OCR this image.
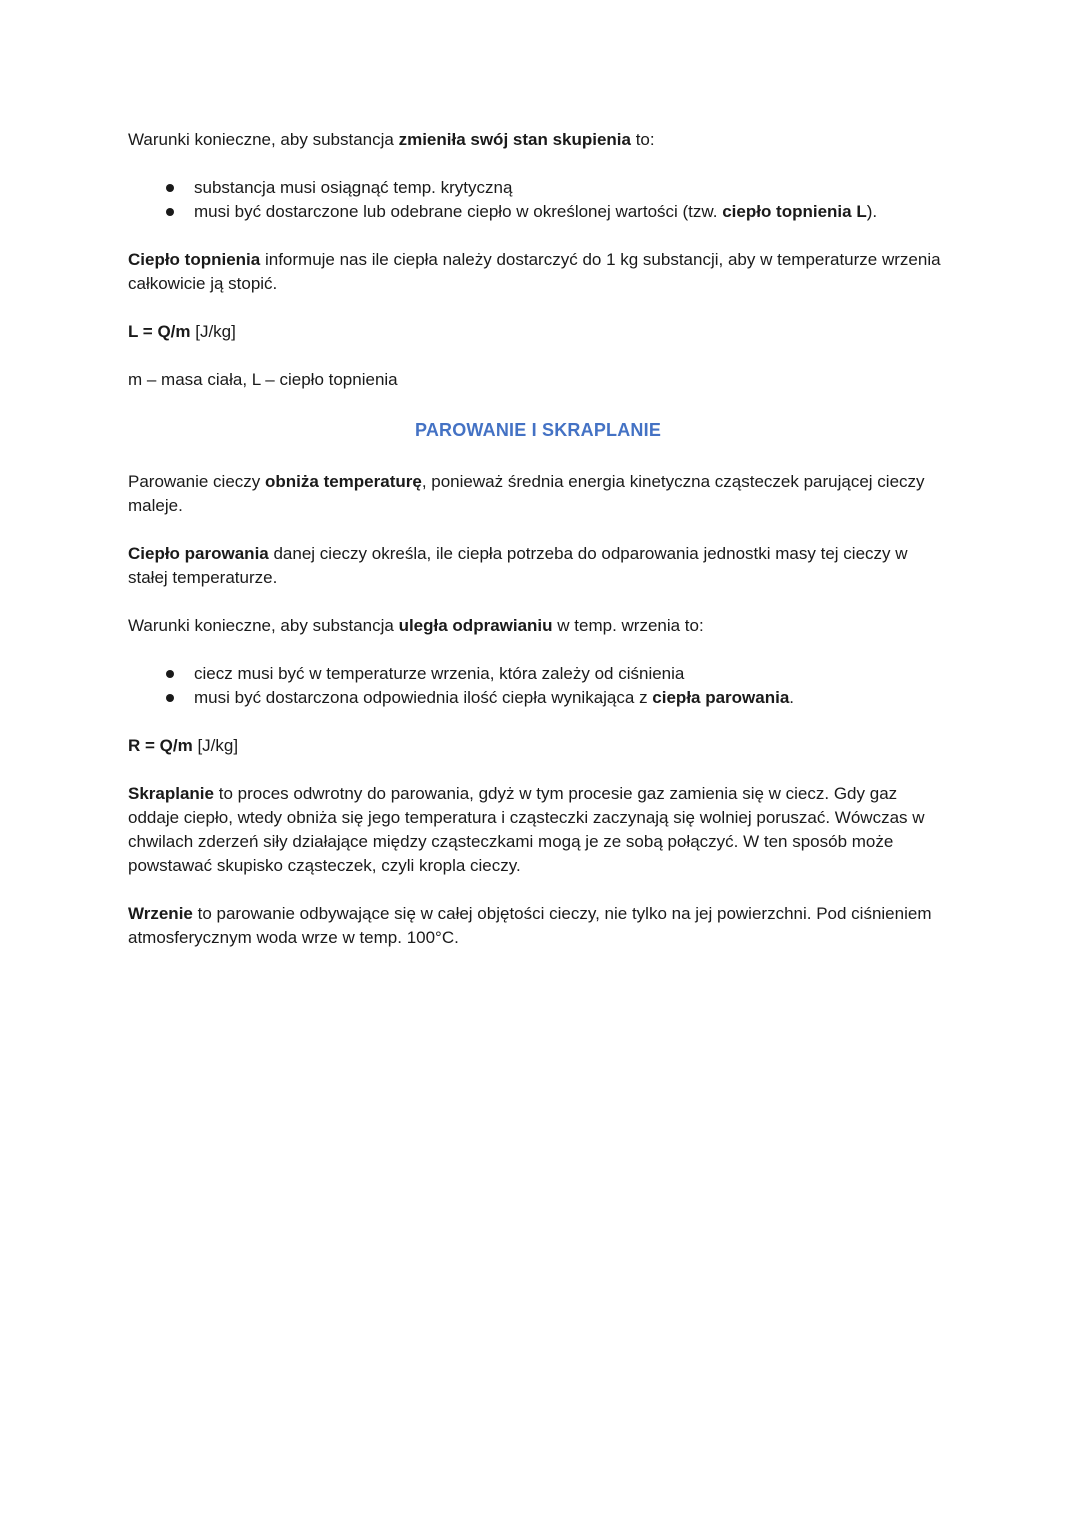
Warunki konieczne, aby substancja zmieniła swój stan skupienia to:

substancja musi osiągnąć temp. krytyczną
musi być dostarczone lub odebrane ciepło w określonej wartości (tzw. ciepło topnienia L).

Ciepło topnienia informuje nas ile ciepła należy dostarczyć do 1 kg substancji, aby w temperaturze wrzenia całkowicie ją stopić.

L = Q/m [J/kg]

m – masa ciała, L – ciepło topnienia

PAROWANIE I SKRAPLANIE

Parowanie cieczy obniża temperaturę, ponieważ średnia energia kinetyczna cząsteczek parującej cieczy maleje.

Ciepło parowania danej cieczy określa, ile ciepła potrzeba do odparowania jednostki masy tej cieczy w stałej temperaturze.

Warunki konieczne, aby substancja uległa odprawianiu w temp. wrzenia to:

ciecz musi być w temperaturze wrzenia, która zależy od ciśnienia
musi być dostarczona odpowiednia ilość ciepła wynikająca z ciepła parowania.

R = Q/m [J/kg]

Skraplanie to proces odwrotny do parowania, gdyż w tym procesie gaz zamienia się w ciecz. Gdy gaz oddaje ciepło, wtedy obniża się jego temperatura i cząsteczki zaczynają się wolniej poruszać. Wówczas w chwilach zderzeń siły działające między cząsteczkami mogą je ze sobą połączyć. W ten sposób może powstawać skupisko cząsteczek, czyli kropla cieczy.

Wrzenie to parowanie odbywające się w całej objętości cieczy, nie tylko na jej powierzchni. Pod ciśnieniem atmosferycznym woda wrze w temp. 100°C.
